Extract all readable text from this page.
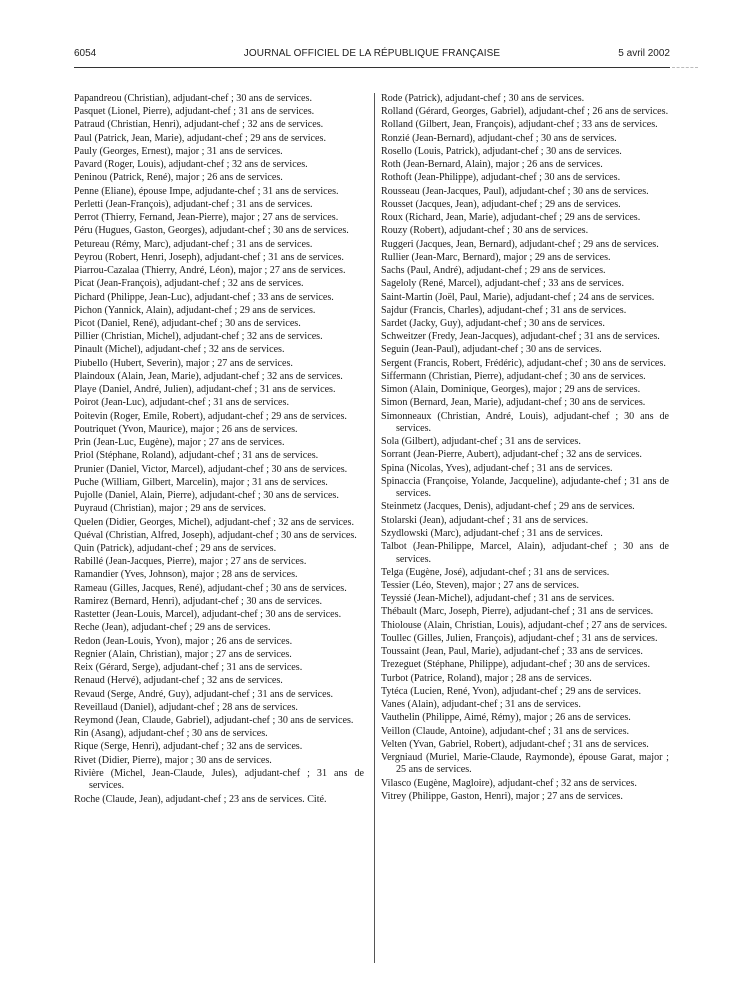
6054	JOURNAL OFFICIEL DE LA RÉPUBLIQUE FRANÇAISE	5 avril 2002

Papandreou (Christian), adjudant-chef ; 30 ans de services.

Pasquet (Lionel, Pierre), adjudant-chef ; 31 ans de services.

Patraud (Christian, Henri), adjudant-chef ; 32 ans de services.

Paul (Patrick, Jean, Marie), adjudant-chef ; 29 ans de services.

Pauly (Georges, Ernest), major ; 31 ans de services.

Pavard (Roger, Louis), adjudant-chef ; 32 ans de services.

Peninou (Patrick, René), major ; 26 ans de services.

Penne (Eliane), épouse Impe, adjudante-chef ; 31 ans de services.

Perletti (Jean-François), adjudant-chef ; 31 ans de services.

Perrot (Thierry, Fernand, Jean-Pierre), major ; 27 ans de services.

Péru (Hugues, Gaston, Georges), adjudant-chef ; 30 ans de services.

Petureau (Rémy, Marc), adjudant-chef ; 31 ans de services.

Peyrou (Robert, Henri, Joseph), adjudant-chef ; 31 ans de services.

Piarrou-Cazalaa (Thierry, André, Léon), major ; 27 ans de services.

Picat (Jean-François), adjudant-chef ; 32 ans de services.

Pichard (Philippe, Jean-Luc), adjudant-chef ; 33 ans de services.

Pichon (Yannick, Alain), adjudant-chef ; 29 ans de services.

Picot (Daniel, René), adjudant-chef ; 30 ans de services.

Pillier (Christian, Michel), adjudant-chef ; 32 ans de services.

Pinault (Michel), adjudant-chef ; 32 ans de services.

Piubello (Hubert, Severin), major ; 27 ans de services.

Plaindoux (Alain, Jean, Marie), adjudant-chef ; 32 ans de services.

Playe (Daniel, André, Julien), adjudant-chef ; 31 ans de services.

Poirot (Jean-Luc), adjudant-chef ; 31 ans de services.

Poitevin (Roger, Emile, Robert), adjudant-chef ; 29 ans de services.

Poutriquet (Yvon, Maurice), major ; 26 ans de services.

Prin (Jean-Luc, Eugène), major ; 27 ans de services.

Priol (Stéphane, Roland), adjudant-chef ; 31 ans de services.

Prunier (Daniel, Victor, Marcel), adjudant-chef ; 30 ans de services.

Puche (William, Gilbert, Marcelin), major ; 31 ans de services.

Pujolle (Daniel, Alain, Pierre), adjudant-chef ; 30 ans de services.

Puyraud (Christian), major ; 29 ans de services.

Quelen (Didier, Georges, Michel), adjudant-chef ; 32 ans de services.

Quéval (Christian, Alfred, Joseph), adjudant-chef ; 30 ans de services.

Quin (Patrick), adjudant-chef ; 29 ans de services.

Rabillé (Jean-Jacques, Pierre), major ; 27 ans de services.

Ramandier (Yves, Johnson), major ; 28 ans de services.

Rameau (Gilles, Jacques, René), adjudant-chef ; 30 ans de services.

Ramirez (Bernard, Henri), adjudant-chef ; 30 ans de services.

Rastetter (Jean-Louis, Marcel), adjudant-chef ; 30 ans de services.

Reche (Jean), adjudant-chef ; 29 ans de services.

Redon (Jean-Louis, Yvon), major ; 26 ans de services.

Regnier (Alain, Christian), major ; 27 ans de services.

Reix (Gérard, Serge), adjudant-chef ; 31 ans de services.

Renaud (Hervé), adjudant-chef ; 32 ans de services.

Revaud (Serge, André, Guy), adjudant-chef ; 31 ans de services.

Reveillaud (Daniel), adjudant-chef ; 28 ans de services.

Reymond (Jean, Claude, Gabriel), adjudant-chef ; 30 ans de services.

Rin (Asang), adjudant-chef ; 30 ans de services.

Rique (Serge, Henri), adjudant-chef ; 32 ans de services.

Rivet (Didier, Pierre), major ; 30 ans de services.

Rivière (Michel, Jean-Claude, Jules), adjudant-chef ; 31 ans de services.

Roche (Claude, Jean), adjudant-chef ; 23 ans de services. Cité.

Rode (Patrick), adjudant-chef ; 30 ans de services.

Rolland (Gérard, Georges, Gabriel), adjudant-chef ; 26 ans de services.

Rolland (Gilbert, Jean, François), adjudant-chef ; 33 ans de services.

Ronzié (Jean-Bernard), adjudant-chef ; 30 ans de services.

Rosello (Louis, Patrick), adjudant-chef ; 30 ans de services.

Roth (Jean-Bernard, Alain), major ; 26 ans de services.

Rothoft (Jean-Philippe), adjudant-chef ; 30 ans de services.

Rousseau (Jean-Jacques, Paul), adjudant-chef ; 30 ans de services.

Rousset (Jacques, Jean), adjudant-chef ; 29 ans de services.

Roux (Richard, Jean, Marie), adjudant-chef ; 29 ans de services.

Rouzy (Robert), adjudant-chef ; 30 ans de services.

Ruggeri (Jacques, Jean, Bernard), adjudant-chef ; 29 ans de services.

Rullier (Jean-Marc, Bernard), major ; 29 ans de services.

Sachs (Paul, André), adjudant-chef ; 29 ans de services.

Sageloly (René, Marcel), adjudant-chef ; 33 ans de services.

Saint-Martin (Joël, Paul, Marie), adjudant-chef ; 24 ans de services.

Sajdur (Francis, Charles), adjudant-chef ; 31 ans de services.

Sardet (Jacky, Guy), adjudant-chef ; 30 ans de services.

Schweitzer (Fredy, Jean-Jacques), adjudant-chef ; 31 ans de services.

Seguin (Jean-Paul), adjudant-chef ; 30 ans de services.

Sergent (Francis, Robert, Frédéric), adjudant-chef ; 30 ans de services.

Siffermann (Christian, Pierre), adjudant-chef ; 30 ans de services.

Simon (Alain, Dominique, Georges), major ; 29 ans de services.

Simon (Bernard, Jean, Marie), adjudant-chef ; 30 ans de services.

Simonneaux (Christian, André, Louis), adjudant-chef ; 30 ans de services.

Sola (Gilbert), adjudant-chef ; 31 ans de services.

Sorrant (Jean-Pierre, Aubert), adjudant-chef ; 32 ans de services.

Spina (Nicolas, Yves), adjudant-chef ; 31 ans de services.

Spinaccia (Françoise, Yolande, Jacqueline), adjudante-chef ; 31 ans de services.

Steinmetz (Jacques, Denis), adjudant-chef ; 29 ans de services.

Stolarski (Jean), adjudant-chef ; 31 ans de services.

Szydlowski (Marc), adjudant-chef ; 31 ans de services.

Talbot (Jean-Philippe, Marcel, Alain), adjudant-chef ; 30 ans de services.

Telga (Eugène, José), adjudant-chef ; 31 ans de services.

Tessier (Léo, Steven), major ; 27 ans de services.

Teyssié (Jean-Michel), adjudant-chef ; 31 ans de services.

Thébault (Marc, Joseph, Pierre), adjudant-chef ; 31 ans de services.

Thiolouse (Alain, Christian, Louis), adjudant-chef ; 27 ans de services.

Toullec (Gilles, Julien, François), adjudant-chef ; 31 ans de services.

Toussaint (Jean, Paul, Marie), adjudant-chef ; 33 ans de services.

Trezeguet (Stéphane, Philippe), adjudant-chef ; 30 ans de services.

Turbot (Patrice, Roland), major ; 28 ans de services.

Tytéca (Lucien, René, Yvon), adjudant-chef ; 29 ans de services.

Vanes (Alain), adjudant-chef ; 31 ans de services.

Vauthelin (Philippe, Aimé, Rémy), major ; 26 ans de services.

Veillon (Claude, Antoine), adjudant-chef ; 31 ans de services.

Velten (Yvan, Gabriel, Robert), adjudant-chef ; 31 ans de services.

Vergniaud (Muriel, Marie-Claude, Raymonde), épouse Garat, major ; 25 ans de services.

Vilasco (Eugène, Magloire), adjudant-chef ; 32 ans de services.

Vitrey (Philippe, Gaston, Henri), major ; 27 ans de services.
